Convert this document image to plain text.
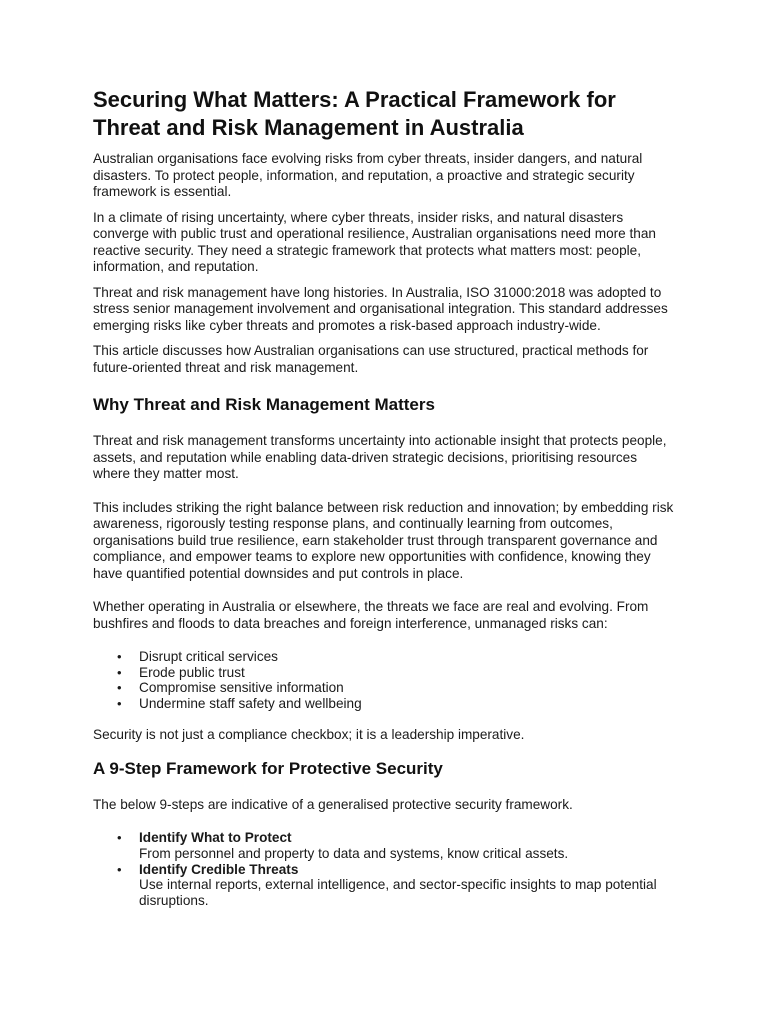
Securing What Matters: A Practical Framework for Threat and Risk Management in Australia

Australian organisations face evolving risks from cyber threats, insider dangers, and natural disasters. To protect people, information, and reputation, a proactive and strategic security framework is essential.

In a climate of rising uncertainty, where cyber threats, insider risks, and natural disasters converge with public trust and operational resilience, Australian organisations need more than reactive security. They need a strategic framework that protects what matters most: people, information, and reputation.

Threat and risk management have long histories. In Australia, ISO 31000:2018 was adopted to stress senior management involvement and organisational integration. This standard addresses emerging risks like cyber threats and promotes a risk-based approach industry-wide.

This article discusses how Australian organisations can use structured, practical methods for future-oriented threat and risk management.

Why Threat and Risk Management Matters

Threat and risk management transforms uncertainty into actionable insight that protects people, assets, and reputation while enabling data-driven strategic decisions, prioritising resources where they matter most.

This includes striking the right balance between risk reduction and innovation; by embedding risk awareness, rigorously testing response plans, and continually learning from outcomes, organisations build true resilience, earn stakeholder trust through transparent governance and compliance, and empower teams to explore new opportunities with confidence, knowing they have quantified potential downsides and put controls in place.

Whether operating in Australia or elsewhere, the threats we face are real and evolving. From bushfires and floods to data breaches and foreign interference, unmanaged risks can:

• Disrupt critical services
• Erode public trust
• Compromise sensitive information
• Undermine staff safety and wellbeing

Security is not just a compliance checkbox; it is a leadership imperative.

A 9-Step Framework for Protective Security

The below 9-steps are indicative of a generalised protective security framework.

• Identify What to Protect
From personnel and property to data and systems, know critical assets.
• Identify Credible Threats
Use internal reports, external intelligence, and sector-specific insights to map potential disruptions.
